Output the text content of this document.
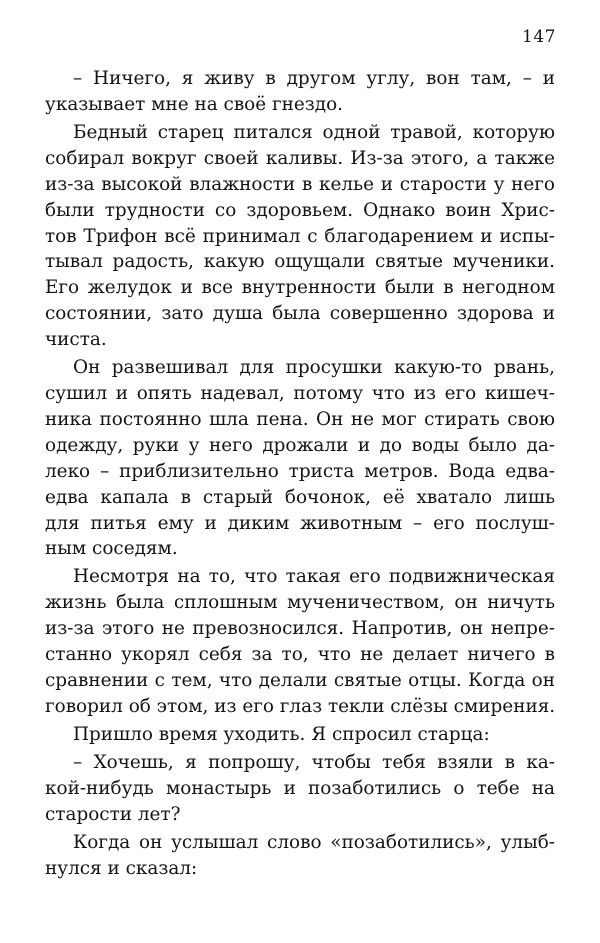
147
– Ничего, я живу в другом углу, вон там, – и
указывает мне на своё гнездо.
Бедный старец питался одной травой, которую
собирал вокруг своей каливы. Из-за этого, а также
из-за высокой влажности в келье и старости у него
были трудности со здоровьем. Однако воин Хрис-
тов Трифон всё принимал с благодарением и испы-
тывал радость, какую ощущали святые мученики.
Его желудок и все внутренности были в негодном
состоянии, зато душа была совершенно здорова и
чиста.
Он развешивал для просушки какую-то рвань,
сушил и опять надевал, потому что из его кишеч-
ника постоянно шла пена. Он не мог стирать свою
одежду, руки у него дрожали и до воды было да-
леко – приблизительно триста метров. Вода едва-
едва капала в старый бочонок, её хватало лишь
для питья ему и диким животным – его послуш-
ным соседям.
Несмотря на то, что такая его подвижническая
жизнь была сплошным мученичеством, он ничуть
из-за этого не превозносился. Напротив, он непре-
станно укорял себя за то, что не делает ничего в
сравнении с тем, что делали святые отцы. Когда он
говорил об этом, из его глаз текли слёзы смирения.
Пришло время уходить. Я спросил старца:
– Хочешь, я попрошу, чтобы тебя взяли в ка-
кой-нибудь монастырь и позаботились о тебе на
старости лет?
Когда он услышал слово «позаботились», улыб-
нулся и сказал:
